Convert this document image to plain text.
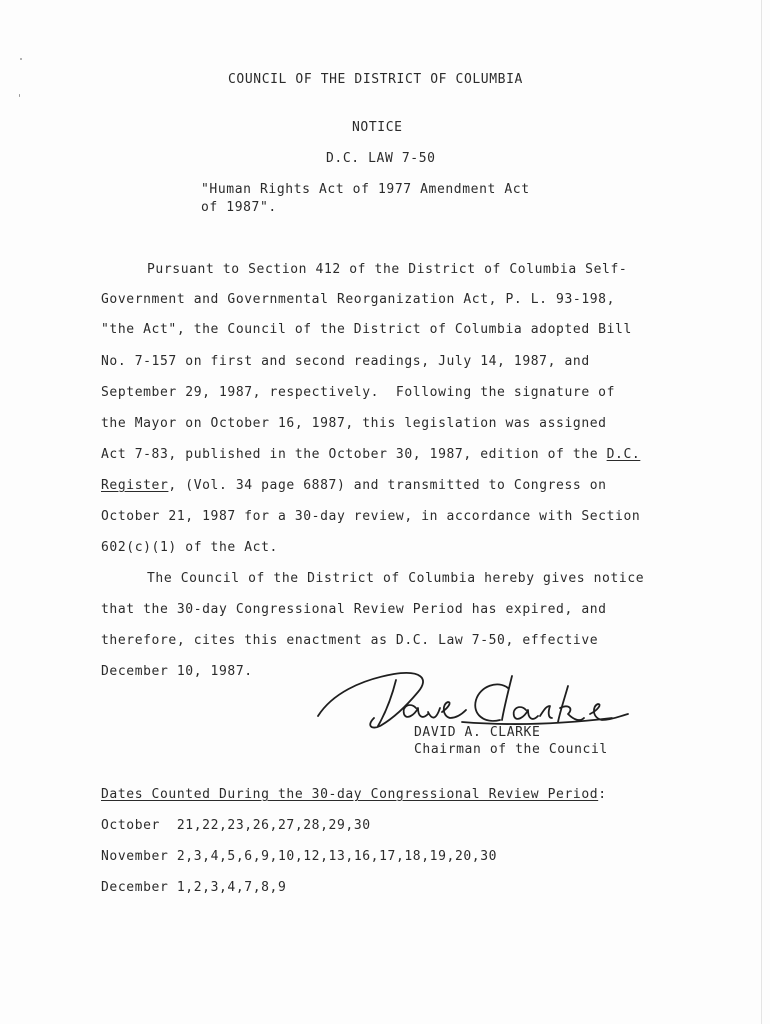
COUNCIL OF THE DISTRICT OF COLUMBIA
NOTICE
D.C. LAW 7-50
"Human Rights Act of 1977 Amendment Act
of 1987".
Pursuant to Section 412 of the District of Columbia Self-
Government and Governmental Reorganization Act, P. L. 93-198,
"the Act", the Council of the District of Columbia adopted Bill
No. 7-157 on first and second readings, July 14, 1987, and
September 29, 1987, respectively.  Following the signature of
the Mayor on October 16, 1987, this legislation was assigned
Act 7-83, published in the October 30, 1987, edition of the D.C.
Register, (Vol. 34 page 6887) and transmitted to Congress on
October 21, 1987 for a 30-day review, in accordance with Section
602(c)(1) of the Act.
The Council of the District of Columbia hereby gives notice
that the 30-day Congressional Review Period has expired, and
therefore, cites this enactment as D.C. Law 7-50, effective
December 10, 1987.
DAVID A. CLARKE
Chairman of the Council
Dates Counted During the 30-day Congressional Review Period:
October 21,22,23,26,27,28,29,30
November 2,3,4,5,6,9,10,12,13,16,17,18,19,20,30
December 1,2,3,4,7,8,9
